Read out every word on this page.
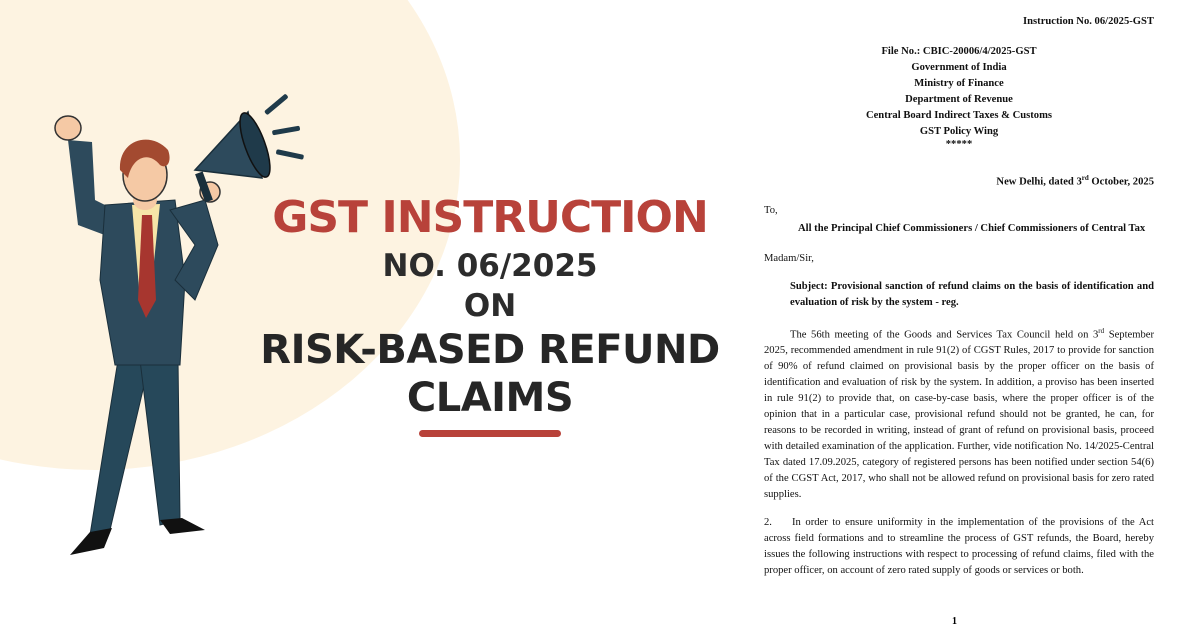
GST INSTRUCTION
NO. 06/2025
ON
RISK-BASED REFUND
CLAIMS

Instruction No. 06/2025-GST

File No.: CBIC-20006/4/2025-GST

Government of India

Ministry of Finance

Department of Revenue

Central Board Indirect Taxes & Customs

GST Policy Wing

*****

New Delhi, dated 3rd October, 2025

To,

All the Principal Chief Commissioners / Chief Commissioners of Central Tax

Madam/Sir,

Subject: Provisional sanction of refund claims on the basis of identification and evaluation of risk by the system - reg.

The 56th meeting of the Goods and Services Tax Council held on 3rd September 2025, recommended amendment in rule 91(2) of CGST Rules, 2017 to provide for sanction of 90% of refund claimed on provisional basis by the proper officer on the basis of identification and evaluation of risk by the system. In addition, a proviso has been inserted in rule 91(2) to provide that, on case-by-case basis, where the proper officer is of the opinion that in a particular case, provisional refund should not be granted, he can, for reasons to be recorded in writing, instead of grant of refund on provisional basis, proceed with detailed examination of the application. Further, vide notification No. 14/2025-Central Tax dated 17.09.2025, category of registered persons has been notified under section 54(6) of the CGST Act, 2017, who shall not be allowed refund on provisional basis for zero rated supplies.

2. In order to ensure uniformity in the implementation of the provisions of the Act across field formations and to streamline the process of GST refunds, the Board, hereby issues the following instructions with respect to processing of refund claims, filed with the proper officer, on account of zero rated supply of goods or services or both.

1
